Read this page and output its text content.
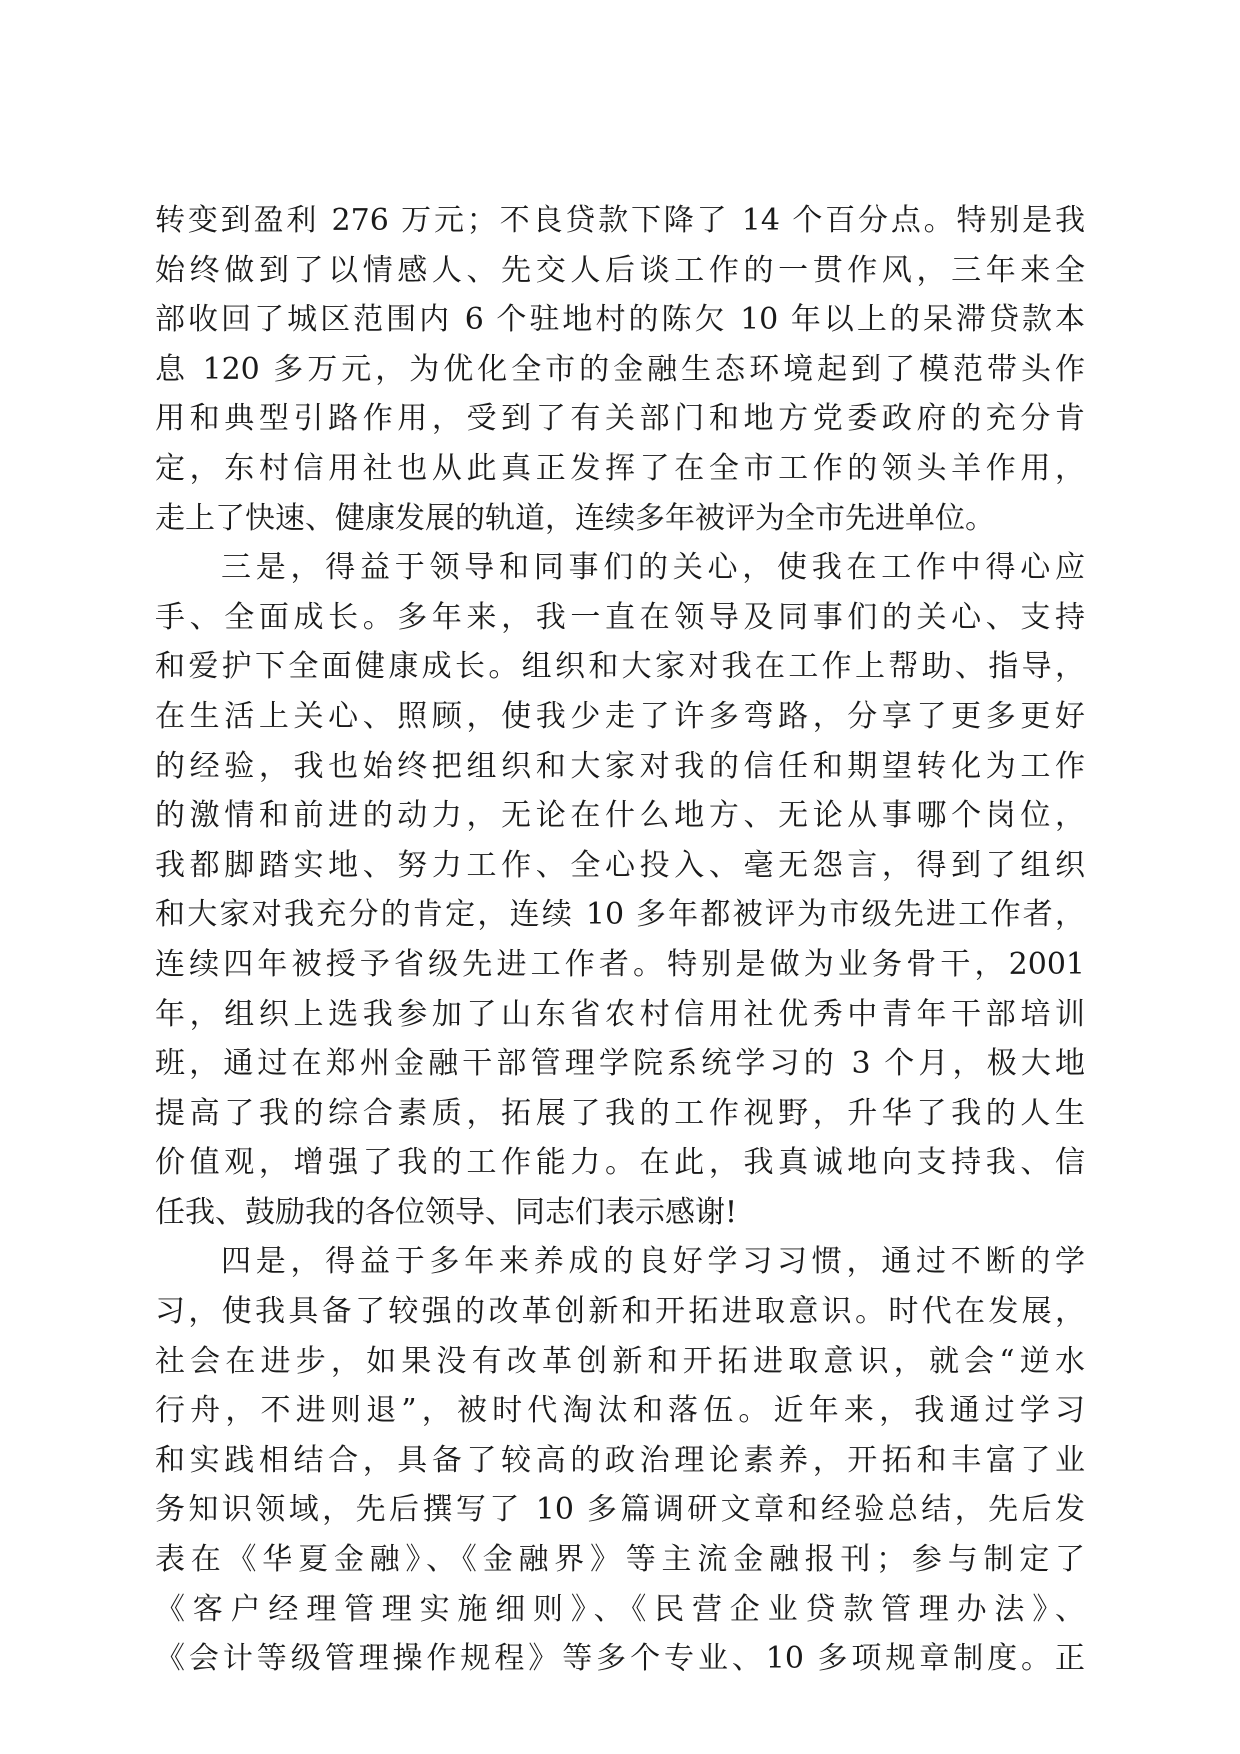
转变到盈利 276 万元；不良贷款下降了 14 个百分点。特别是我
始终做到了以情感人、先交人后谈工作的一贯作风，三年来全
部收回了城区范围内 6 个驻地村的陈欠 10 年以上的呆滞贷款本
息 120 多万元，为优化全市的金融生态环境起到了模范带头作
用和典型引路作用，受到了有关部门和地方党委政府的充分肯
定，东村信用社也从此真正发挥了在全市工作的领头羊作用，
走上了快速、健康发展的轨道，连续多年被评为全市先进单位。
三是，得益于领导和同事们的关心，使我在工作中得心应
手、全面成长。多年来，我一直在领导及同事们的关心、支持
和爱护下全面健康成长。组织和大家对我在工作上帮助、指导，
在生活上关心、照顾，使我少走了许多弯路，分享了更多更好
的经验，我也始终把组织和大家对我的信任和期望转化为工作
的激情和前进的动力，无论在什么地方、无论从事哪个岗位，
我都脚踏实地、努力工作、全心投入、毫无怨言，得到了组织
和大家对我充分的肯定，连续 10 多年都被评为市级先进工作者，
连续四年被授予省级先进工作者。特别是做为业务骨干，2001
年，组织上选我参加了山东省农村信用社优秀中青年干部培训
班，通过在郑州金融干部管理学院系统学习的 3 个月，极大地
提高了我的综合素质，拓展了我的工作视野，升华了我的人生
价值观，增强了我的工作能力。在此，我真诚地向支持我、信
任我、鼓励我的各位领导、同志们表示感谢!
四是，得益于多年来养成的良好学习习惯，通过不断的学
习，使我具备了较强的改革创新和开拓进取意识。时代在发展，
社会在进步，如果没有改革创新和开拓进取意识，就会“逆水
行舟，不进则退”，被时代淘汰和落伍。近年来，我通过学习
和实践相结合，具备了较高的政治理论素养，开拓和丰富了业
务知识领域，先后撰写了 10 多篇调研文章和经验总结，先后发
表在《华夏金融》、《金融界》等主流金融报刊；参与制定了
《客户经理管理实施细则》、《民营企业贷款管理办法》、
《会计等级管理操作规程》等多个专业、10 多项规章制度。正
